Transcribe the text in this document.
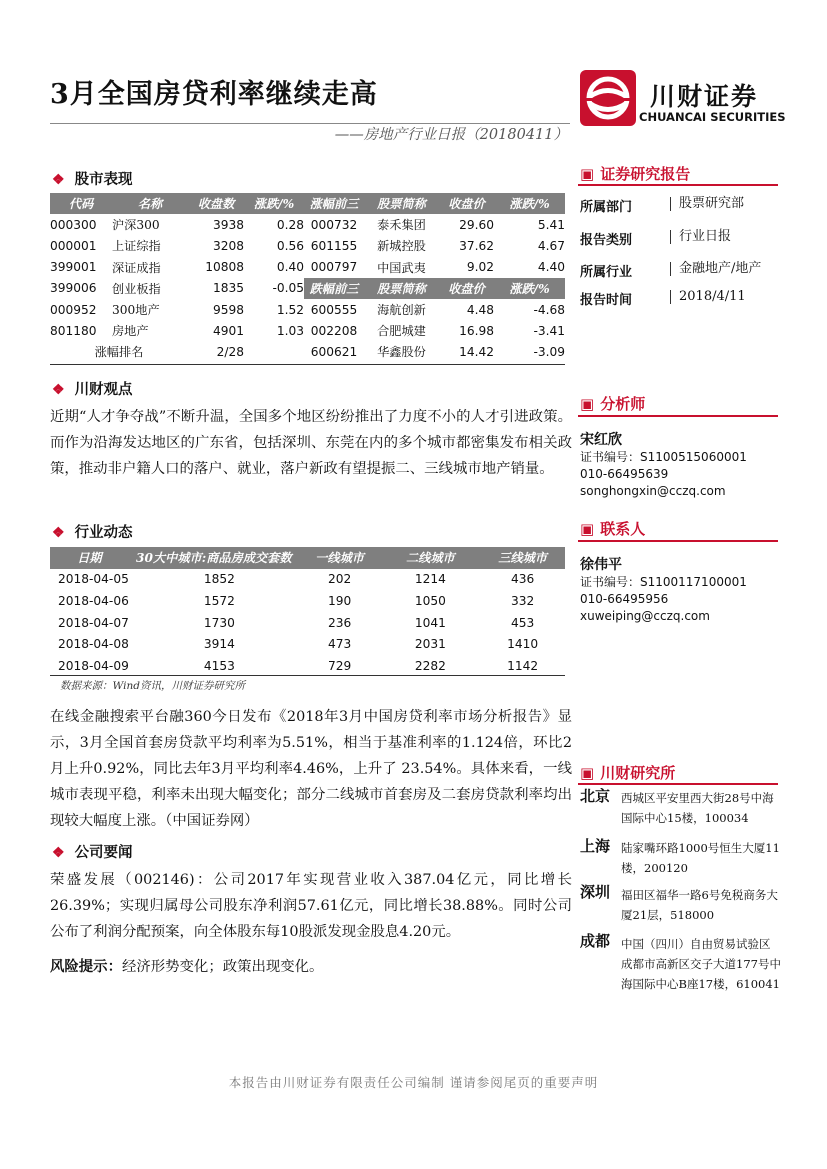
3月全国房贷利率继续走高	川财证券
CHUANCAI SECURITIES
——房地产行业日报（20180411）
❖ 股市表现
代码	名称	收盘数	涨跌/%	涨幅前三	股票简称	收盘价	涨跌/%
000300	沪深300	3938	0.28	000732	泰禾集团	29.60	5.41
000001	上证综指	3208	0.56	601155	新城控股	37.62	4.67
399001	深证成指	10808	0.40	000797	中国武夷	9.02	4.40
399006	创业板指	1835	-0.05	跌幅前三	股票简称	收盘价	涨跌/%
000952	300地产	9598	1.52	600555	海航创新	4.48	-4.68
801180	房地产	4901	1.03	002208	合肥城建	16.98	-3.41
涨幅排名		2/28		600621	华鑫股份	14.42	-3.09
❖ 川财观点
近期“人才争夺战”不断升温，全国多个地区纷纷推出了力度不小的人才引进政策。而作为沿海发达地区的广东省，包括深圳、东莞在内的多个城市都密集发布相关政策，推动非户籍人口的落户、就业，落户新政有望提振二、三线城市地产销量。
❖ 行业动态
日期	30大中城市:商品房成交套数	一线城市	二线城市	三线城市
2018-04-05	1852	202	1214	436
2018-04-06	1572	190	1050	332
2018-04-07	1730	236	1041	453
2018-04-08	3914	473	2031	1410
2018-04-09	4153	729	2282	1142
数据来源：Wind资讯，川财证券研究所
在线金融搜索平台融360今日发布《2018年3月中国房贷利率市场分析报告》显示，3月全国首套房贷款平均利率为5.51%，相当于基准利率的1.124倍，环比2月上升0.92%，同比去年3月平均利率4.46%，上升了 23.54%。具体来看，一线城市表现平稳，利率未出现大幅变化；部分二线城市首套房及二套房贷款利率均出现较大幅度上涨。（中国证券网）
❖ 公司要闻
荣盛发展（002146)：公司2017年实现营业收入387.04亿元，同比增长26.39%；实现归属母公司股东净利润57.61亿元，同比增长38.88%。同时公司公布了利润分配预案，向全体股东每10股派发现金股息4.20元。
风险提示：经济形势变化；政策出现变化。
▣ 证券研究报告
所属部门	股票研究部
报告类别	行业日报
所属行业	金融地产/地产
报告时间	2018/4/11
▣ 分析师
宋红欣
证书编号：S1100515060001
010-66495639
songhongxin@cczq.com
▣ 联系人
徐伟平
证书编号：S1100117100001
010-66495956
xuweiping@cczq.com
▣ 川财研究所
北京 西城区平安里西大街28号中海国际中心15楼，100034
上海 陆家嘴环路1000号恒生大厦11楼，200120
深圳 福田区福华一路6号免税商务大厦21层，518000
成都 中国（四川）自由贸易试验区成都市高新区交子大道177号中海国际中心B座17楼，610041
本报告由川财证券有限责任公司编制 谨请参阅尾页的重要声明
